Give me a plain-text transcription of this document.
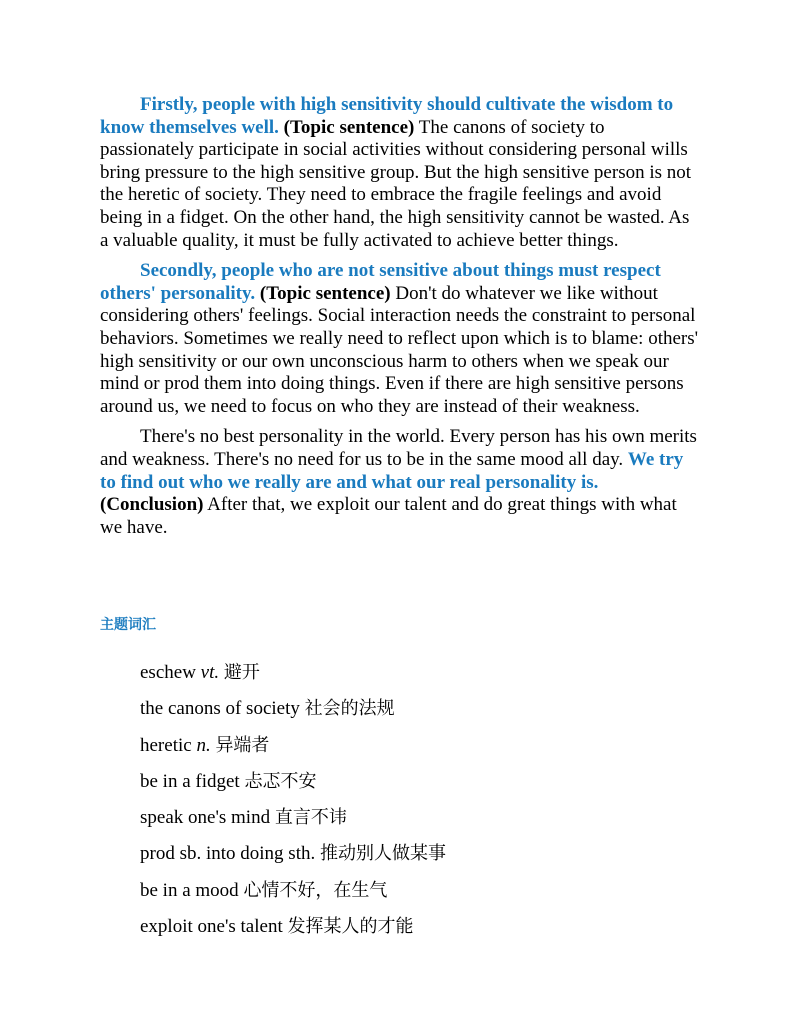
Firstly, people with high sensitivity should cultivate the wisdom to know themselves well. (Topic sentence) The canons of society to passionately participate in social activities without considering personal wills bring pressure to the high sensitive group. But the high sensitive person is not the heretic of society. They need to embrace the fragile feelings and avoid being in a fidget. On the other hand, the high sensitivity cannot be wasted. As a valuable quality, it must be fully activated to achieve better things.

Secondly, people who are not sensitive about things must respect others' personality. (Topic sentence) Don't do whatever we like without considering others' feelings. Social interaction needs the constraint to personal behaviors. Sometimes we really need to reflect upon which is to blame: others' high sensitivity or our own unconscious harm to others when we speak our mind or prod them into doing things. Even if there are high sensitive persons around us, we need to focus on who they are instead of their weakness.

There's no best personality in the world. Every person has his own merits and weakness. There's no need for us to be in the same mood all day. We try to find out who we really are and what our real personality is. (Conclusion) After that, we exploit our talent and do great things with what we have.

主题词汇
eschew vt. 避开
the canons of society 社会的法规
heretic n. 异端者
be in a fidget 忐忑不安
speak one's mind 直言不讳
prod sb. into doing sth. 推动别人做某事
be in a mood 心情不好，在生气
exploit one's talent 发挥某人的才能
